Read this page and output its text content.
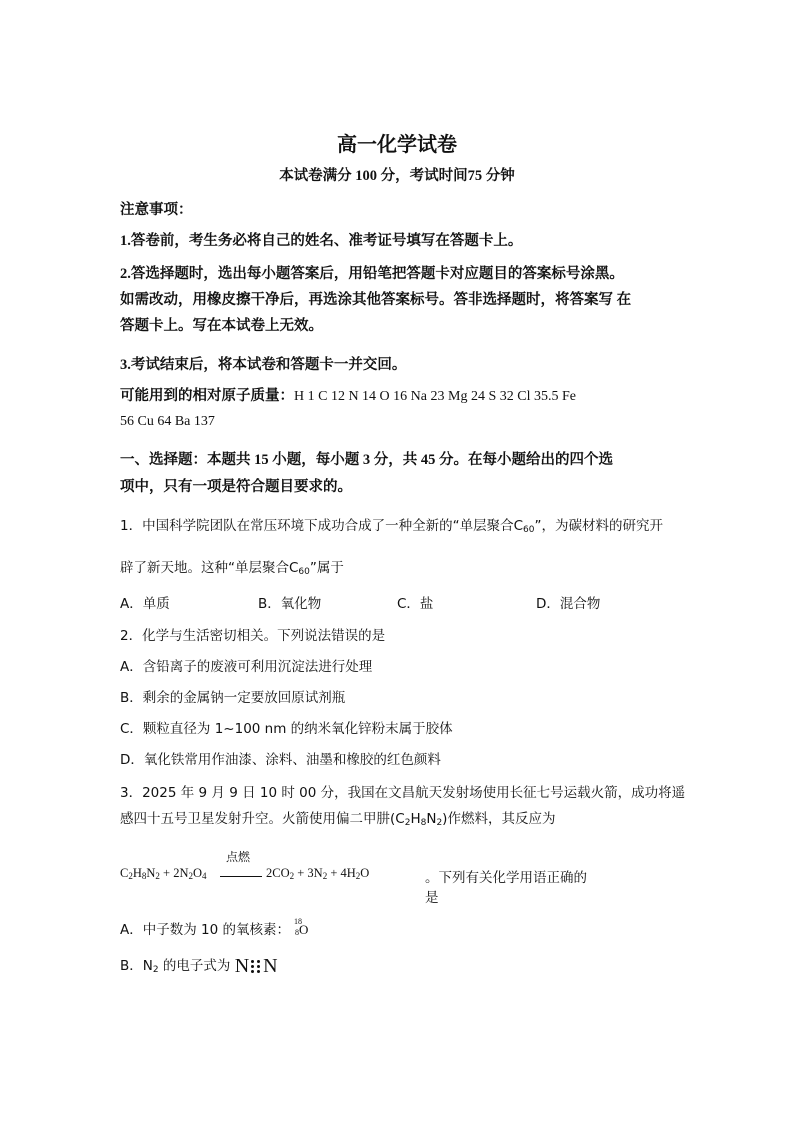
高一化学试卷
本试卷满分 100 分，考试时间75 分钟
注意事项：
1.答卷前，考生务必将自己的姓名、准考证号填写在答题卡上。
2.答选择题时，选出每小题答案后，用铅笔把答题卡对应题目的答案标号涂黑。
如需改动，用橡皮擦干净后，再选涂其他答案标号。答非选择题时，将答案写 在
答题卡上。写在本试卷上无效。
3.考试结束后，将本试卷和答题卡一并交回。
可能用到的相对原子质量：H 1 C 12 N 14 O 16 Na 23 Mg 24 S 32 Cl 35.5 Fe
56 Cu 64 Ba 137
一、选择题：本题共 15 小题，每小题 3 分，共 45 分。在每小题给出的四个选
项中，只有一项是符合题目要求的。
1．中国科学院团队在常压环境下成功合成了一种全新的“单层聚合$C_{60}$”，为碳材料的研究开
辟了新天地。这种“单层聚合$C_{60}$”属于
A．单质	B．氧化物	C．盐	D．混合物
2．化学与生活密切相关。下列说法错误的是
A．含铅离子的废液可利用沉淀法进行处理
B．剩余的金属钠一定要放回原试剂瓶
C．颗粒直径为 1~100 nm 的纳米氧化锌粉末属于胶体
D．氧化铁常用作油漆、涂料、油墨和橡胶的红色颜料
3．2025 年 9 月 9 日 10 时 00 分，我国在文昌航天发射场使用长征七号运载火箭，成功将遥
感四十五号卫星发射升空。火箭使用偏二甲肼$(C_2H_8N_2)$作燃料，其反应为
$C_2H_8N_2 + 2N_2O_4$
点燃
$2CO_2 + 3N_2 + 4H_2O$	。下列有关化学用语正确的是
A．中子数为 10 的氧核素：
18
8 O
B．$N_2$ 的电子式为 N N
